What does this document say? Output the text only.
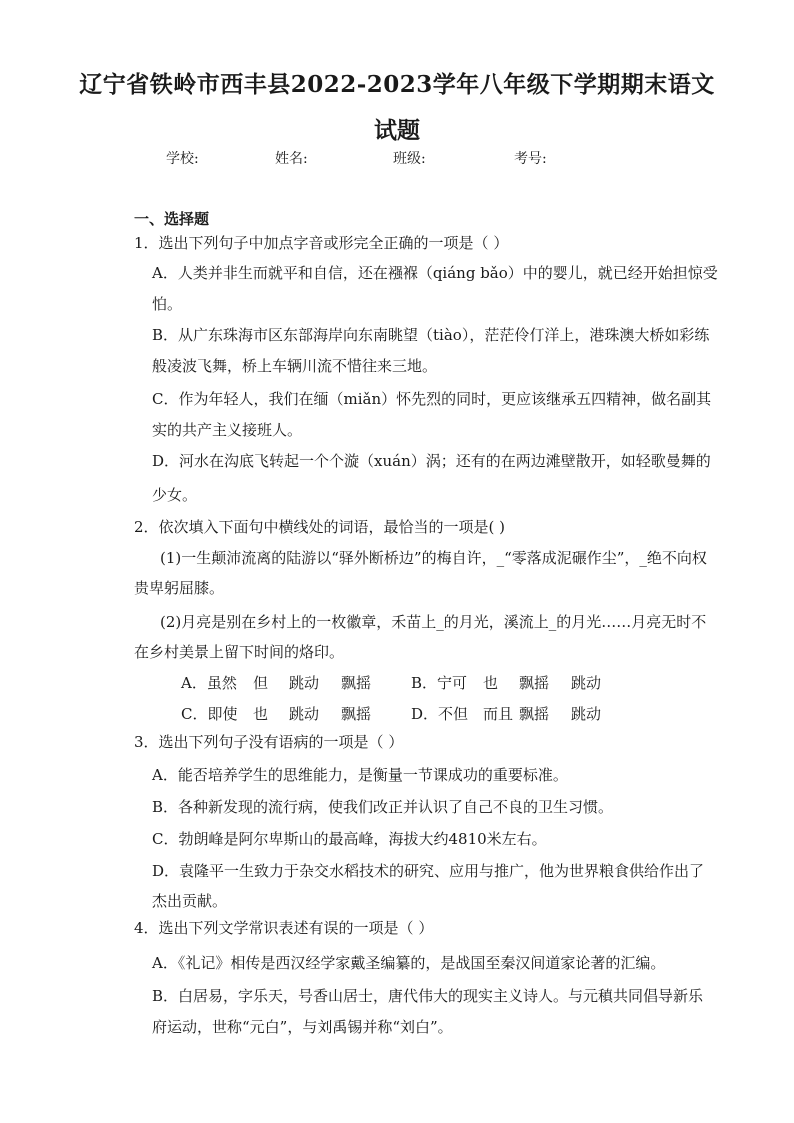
辽宁省铁岭市西丰县2022-2023学年八年级下学期期末语文
试题
学校:	姓名:	班级:	考号:
一、选择题
1．选出下列句子中加点字音或形完全正确的一项是（ ）
A．人类并非生而就平和自信，还在襁褓（qiáng bǎo）中的婴儿，就已经开始担惊受
怕。
B．从广东珠海市区东部海岸向东南眺望（tiào），茫茫伶仃洋上，港珠澳大桥如彩练
般凌波飞舞，桥上车辆川流不惜往来三地。
C．作为年轻人，我们在缅（miǎn）怀先烈的同时，更应该继承五四精神，做名副其
实的共产主义接班人。
D．河水在沟底飞转起一个个漩（xuán）涡；还有的在两边滩壁散开，如轻歌曼舞的
少女。
2．依次填入下面句中横线处的词语，最恰当的一项是( )
(1)一生颠沛流离的陆游以“驿外断桥边”的梅自许，_“零落成泥碾作尘”，_绝不向权
贵卑躬屈膝。
(2)月亮是别在乡村上的一枚徽章，禾苗上_的月光，溪流上_的月光……月亮无时不
在乡村美景上留下时间的烙印。
A．虽然 但 跳动 飘摇	B．宁可 也 飘摇 跳动
C．即使 也 跳动 飘摇	D．不但 而且 飘摇 跳动
3．选出下列句子没有语病的一项是（ ）
A．能否培养学生的思维能力，是衡量一节课成功的重要标准。
B．各种新发现的流行病，使我们改正并认识了自己不良的卫生习惯。
C．勃朗峰是阿尔卑斯山的最高峰，海拔大约4810米左右。
D．袁隆平一生致力于杂交水稻技术的研究、应用与推广，他为世界粮食供给作出了
杰出贡献。
4．选出下列文学常识表述有误的一项是（ ）
A．《礼记》相传是西汉经学家戴圣编纂的，是战国至秦汉间道家论著的汇编。
B．白居易，字乐天，号香山居士，唐代伟大的现实主义诗人。与元稹共同倡导新乐
府运动，世称“元白”，与刘禹锡并称“刘白”。
